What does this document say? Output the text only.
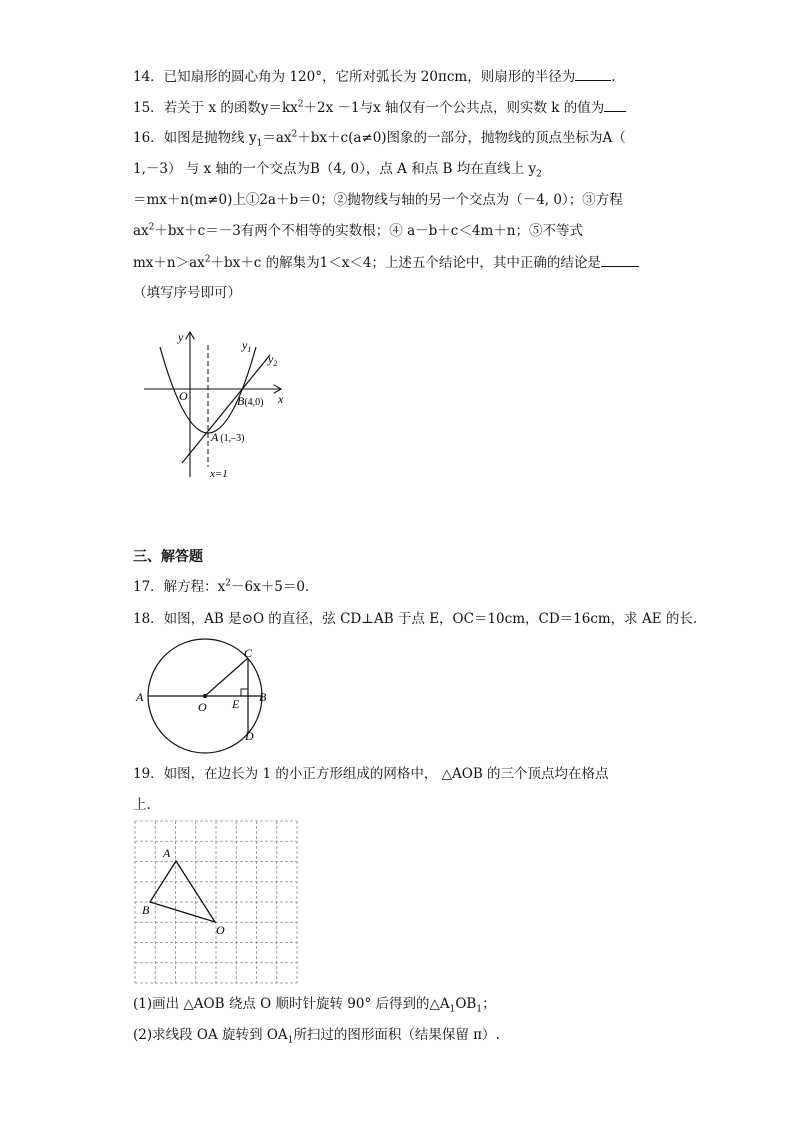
14．已知扇形的圆心角为 120°，它所对弧长为 20πcm，则扇形的半径为	.
15．若关于 x 的函数$y=kx^2+2x -1$与x 轴仅有一个公共点，则实数 k 的值为
16．如图是抛物线 $y_1=ax^2+bx+c(a\ne 0)$图象的一部分，抛物线的顶点坐标为A（
1,－3） 与 x 轴的一个交点为B（4, 0），点 A 和点 B 均在直线上 $y_2$
＝mx＋n(m≠0)上①2a＋b＝0；②抛物线与轴的另一个交点为（－4, 0）；③方程
$ax^2+bx+c=-3$有两个不相等的实数根；④ a－b＋c＜4m＋n；⑤不等式
$mx+n>ax^2+bx+c$ 的解集为1＜x＜4；上述五个结论中，其中正确的结论是
（填写序号即可）
y
x
O
$y_1$
$y_2$
B(4,0)
A (1,–3)
x=1
三、解答题
17．解方程：$x^2-6x+5=0$.
18．如图，AB 是⊙O 的直径，弦 CD⊥AB 于点 E，OC＝10cm，CD＝16cm，求 AE 的长.
A
O E B
C
D
19．如图，在边长为 1 的小正方形组成的网格中， △AOB 的三个顶点均在格点
上.
A
B
O
(1)画出 △AOB 绕点 O 顺时针旋转 90° 后得到的$\triangle A_1OB_1$；
(2)求线段 OA 旋转到 $OA_1$所扫过的图形面积（结果保留 π）.
